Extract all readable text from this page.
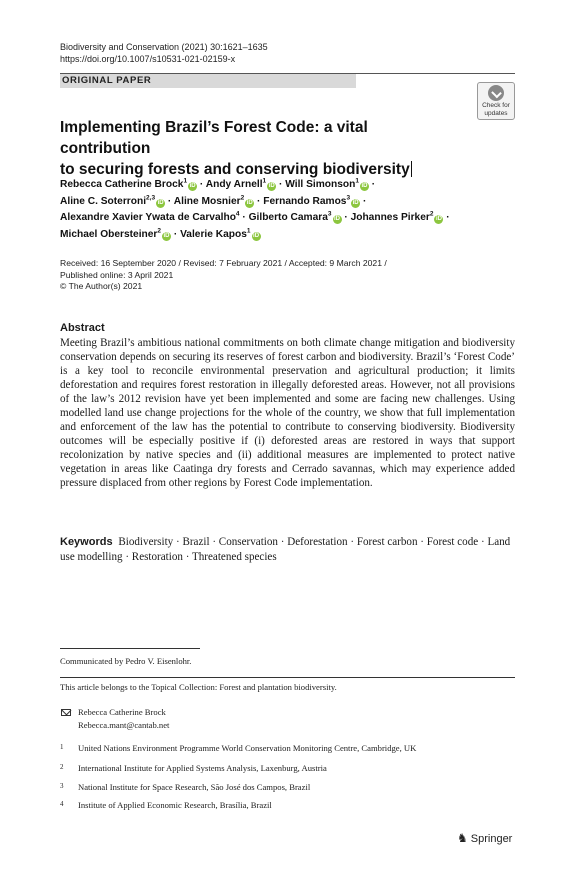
Biodiversity and Conservation (2021) 30:1621–1635
https://doi.org/10.1007/s10531-021-02159-x
ORIGINAL PAPER
Check for
updates
Implementing Brazil’s Forest Code: a vital contribution
to securing forests and conserving biodiversity
Rebecca Catherine Brock$^1$iD · Andy Arnell$^1$iD · Will Simonson$^1$iD ·
Aline C. Soterroni$^{2,3}$iD · Aline Mosnier$^2$iD · Fernando Ramos$^3$iD ·
Alexandre Xavier Ywata de Carvalho$^4$ · Gilberto Camara$^3$iD · Johannes Pirker$^2$iD ·
Michael Obersteiner$^2$iD · Valerie Kapos$^1$iD
Received: 16 September 2020 / Revised: 7 February 2021 / Accepted: 9 March 2021 /
Published online: 3 April 2021
© The Author(s) 2021
Abstract
Meeting Brazil’s ambitious national commitments on both climate change mitigation and biodiversity conservation depends on securing its reserves of forest carbon and biodiversity. Brazil’s ‘Forest Code’ is a key tool to reconcile environmental preservation and agricultural production; it limits deforestation and requires forest restoration in illegally deforested areas. However, not all provisions of the law’s 2012 revision have yet been implemented and some are facing new challenges. Using modelled land use change projections for the whole of the country, we show that full implementation and enforcement of the law has the potential to contribute to conserving biodiversity. Biodiversity outcomes will be especially positive if (i) deforested areas are restored in ways that support recolonization by native species and (ii) additional measures are implemented to protect native vegetation in areas like Caatinga dry forests and Cerrado savannas, which may experience added pressure displaced from other regions by Forest Code implementation.
Keywords Biodiversity · Brazil · Conservation · Deforestation · Forest carbon · Forest code · Land use modelling · Restoration · Threatened species
Communicated by Pedro V. Eisenlohr.
This article belongs to the Topical Collection: Forest and plantation biodiversity.
Rebecca Catherine Brock
Rebecca.mant@cantab.net
1 United Nations Environment Programme World Conservation Monitoring Centre, Cambridge, UK
2 International Institute for Applied Systems Analysis, Laxenburg, Austria
3 National Institute for Space Research, São José dos Campos, Brazil
4 Institute of Applied Economic Research, Brasília, Brazil
♞ Springer
